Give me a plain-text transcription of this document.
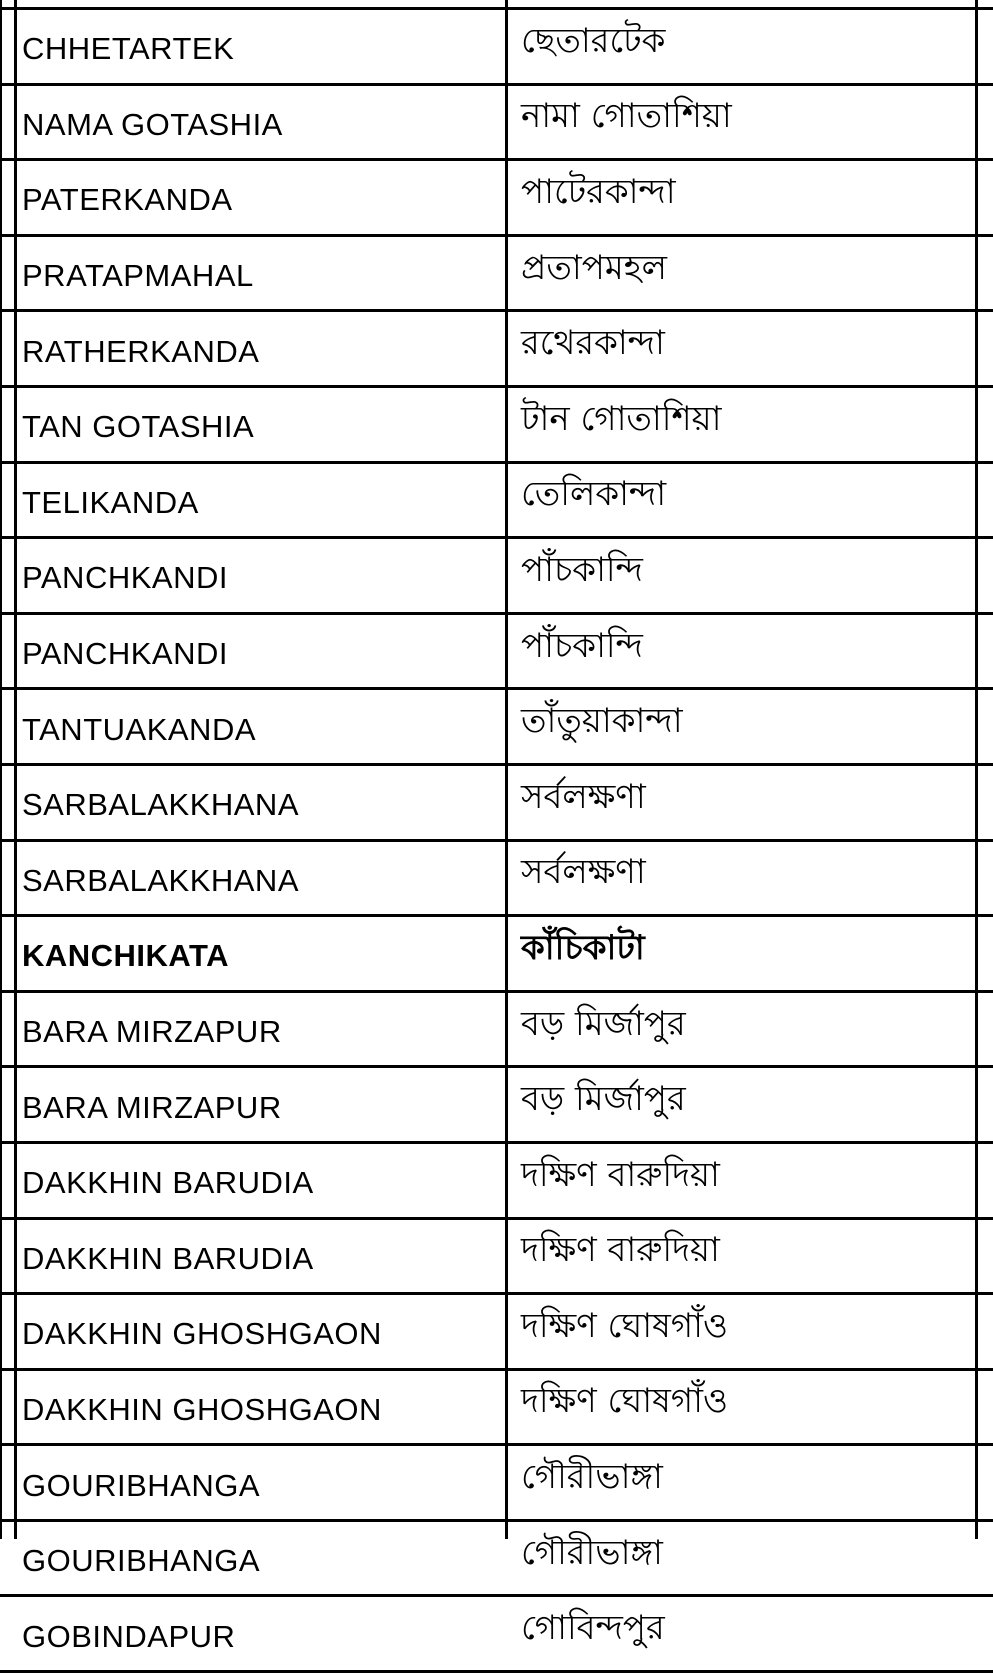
	CHHETARTEK	ছেতারটেক	
	NAMA GOTASHIA	নামা গোতাশিয়া	
	PATERKANDA	পাটেরকান্দা	
	PRATAPMAHAL	প্রতাপমহল	
	RATHERKANDA	রথেরকান্দা	
	TAN GOTASHIA	টান গোতাশিয়া	
	TELIKANDA	তেলিকান্দা	
	PANCHKANDI	পাঁচকান্দি	
	PANCHKANDI	পাঁচকান্দি	
	TANTUAKANDA	তাঁতুয়াকান্দা	
	SARBALAKKHANA	সর্বলক্ষণা	
	SARBALAKKHANA	সর্বলক্ষণা	
	KANCHIKATA	কাঁচিকাটা	
	BARA MIRZAPUR	বড় মির্জাপুর	
	BARA MIRZAPUR	বড় মির্জাপুর	
	DAKKHIN BARUDIA	দক্ষিণ বারুদিয়া	
	DAKKHIN BARUDIA	দক্ষিণ বারুদিয়া	
	DAKKHIN GHOSHGAON	দক্ষিণ ঘোষগাঁও	
	DAKKHIN GHOSHGAON	দক্ষিণ ঘোষগাঁও	
	GOURIBHANGA	গৌরীভাঙ্গা	
	GOURIBHANGA	গৌরীভাঙ্গা	
	GOBINDAPUR	গোবিন্দপুর	
